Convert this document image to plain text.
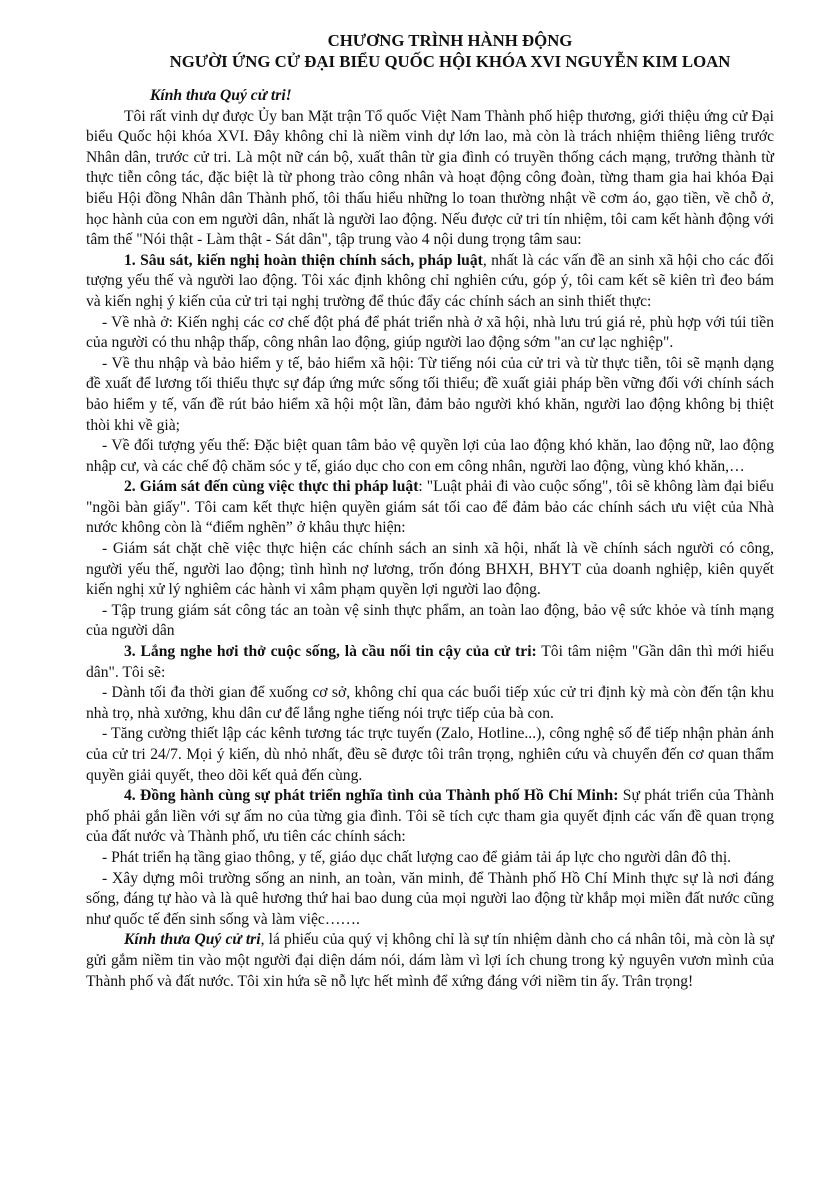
CHƯƠNG TRÌNH HÀNH ĐỘNG
NGƯỜI ỨNG CỬ ĐẠI BIỂU QUỐC HỘI KHÓA XVI NGUYỄN KIM LOAN

Kính thưa Quý cử tri!

Tôi rất vinh dự được Ủy ban Mặt trận Tổ quốc Việt Nam Thành phố hiệp thương, giới thiệu ứng cử Đại biểu Quốc hội khóa XVI. Đây không chỉ là niềm vinh dự lớn lao, mà còn là trách nhiệm thiêng liêng trước Nhân dân, trước cử tri. Là một nữ cán bộ, xuất thân từ gia đình có truyền thống cách mạng, trưởng thành từ thực tiễn công tác, đặc biệt là từ phong trào công nhân và hoạt động công đoàn, từng tham gia hai khóa Đại biểu Hội đồng Nhân dân Thành phố, tôi thấu hiểu những lo toan thường nhật về cơm áo, gạo tiền, về chỗ ở, học hành của con em người dân, nhất là người lao động. Nếu được cử tri tín nhiệm, tôi cam kết hành động với tâm thế "Nói thật - Làm thật - Sát dân", tập trung vào 4 nội dung trọng tâm sau:

1. Sâu sát, kiến nghị hoàn thiện chính sách, pháp luật, nhất là các vấn đề an sinh xã hội cho các đối tượng yếu thế và người lao động. Tôi xác định không chỉ nghiên cứu, góp ý, tôi cam kết sẽ kiên trì đeo bám và kiến nghị ý kiến của cử tri tại nghị trường để thúc đẩy các chính sách an sinh thiết thực:

- Về nhà ở: Kiến nghị các cơ chế đột phá để phát triển nhà ở xã hội, nhà lưu trú giá rẻ, phù hợp với túi tiền của người có thu nhập thấp, công nhân lao động, giúp người lao động sớm "an cư lạc nghiệp".

- Về thu nhập và bảo hiểm y tế, bảo hiểm xã hội: Từ tiếng nói của cử tri và từ thực tiễn, tôi sẽ mạnh dạng đề xuất để lương tối thiểu thực sự đáp ứng mức sống tối thiểu; đề xuất giải pháp bền vững đối với chính sách bảo hiểm y tế, vấn đề rút bảo hiểm xã hội một lần, đảm bảo người khó khăn, người lao động không bị thiệt thòi khi về già;

- Về đối tượng yếu thế: Đặc biệt quan tâm bảo vệ quyền lợi của lao động khó khăn, lao động nữ, lao động nhập cư, và các chế độ chăm sóc y tế, giáo dục cho con em công nhân, người lao động, vùng khó khăn,…

2. Giám sát đến cùng việc thực thi pháp luật: "Luật phải đi vào cuộc sống", tôi sẽ không làm đại biểu "ngồi bàn giấy". Tôi cam kết thực hiện quyền giám sát tối cao để đảm bảo các chính sách ưu việt của Nhà nước không còn là “điểm nghẽn” ở khâu thực hiện:

- Giám sát chặt chẽ việc thực hiện các chính sách an sinh xã hội, nhất là về chính sách người có công, người yếu thế, người lao động; tình hình nợ lương, trốn đóng BHXH, BHYT của doanh nghiệp, kiên quyết kiến nghị xử lý nghiêm các hành vi xâm phạm quyền lợi người lao động.

- Tập trung giám sát công tác an toàn vệ sinh thực phẩm, an toàn lao động, bảo vệ sức khỏe và tính mạng của người dân

3. Lắng nghe hơi thở cuộc sống, là cầu nối tin cậy của cử tri: Tôi tâm niệm "Gần dân thì mới hiểu dân". Tôi sẽ:

- Dành tối đa thời gian để xuống cơ sở, không chỉ qua các buổi tiếp xúc cử tri định kỳ mà còn đến tận khu nhà trọ, nhà xưởng, khu dân cư để lắng nghe tiếng nói trực tiếp của bà con.

- Tăng cường thiết lập các kênh tương tác trực tuyến (Zalo, Hotline...), công nghệ số để tiếp nhận phản ánh của cử tri 24/7. Mọi ý kiến, dù nhỏ nhất, đều sẽ được tôi trân trọng, nghiên cứu và chuyển đến cơ quan thẩm quyền giải quyết, theo dõi kết quả đến cùng.

4. Đồng hành cùng sự phát triển nghĩa tình của Thành phố Hồ Chí Minh: Sự phát triển của Thành phố phải gắn liền với sự ấm no của từng gia đình. Tôi sẽ tích cực tham gia quyết định các vấn đề quan trọng của đất nước và Thành phố, ưu tiên các chính sách:

- Phát triển hạ tầng giao thông, y tế, giáo dục chất lượng cao để giảm tải áp lực cho người dân đô thị.

- Xây dựng môi trường sống an ninh, an toàn, văn minh, để Thành phố Hồ Chí Minh thực sự là nơi đáng sống, đáng tự hào và là quê hương thứ hai bao dung của mọi người lao động từ khắp mọi miền đất nước cũng như quốc tế đến sinh sống và làm việc…….

Kính thưa Quý cử tri, lá phiếu của quý vị không chỉ là sự tín nhiệm dành cho cá nhân tôi, mà còn là sự gửi gắm niềm tin vào một người đại diện dám nói, dám làm vì lợi ích chung trong kỷ nguyên vươn mình của Thành phố và đất nước. Tôi xin hứa sẽ nỗ lực hết mình để xứng đáng với niềm tin ấy. Trân trọng!
